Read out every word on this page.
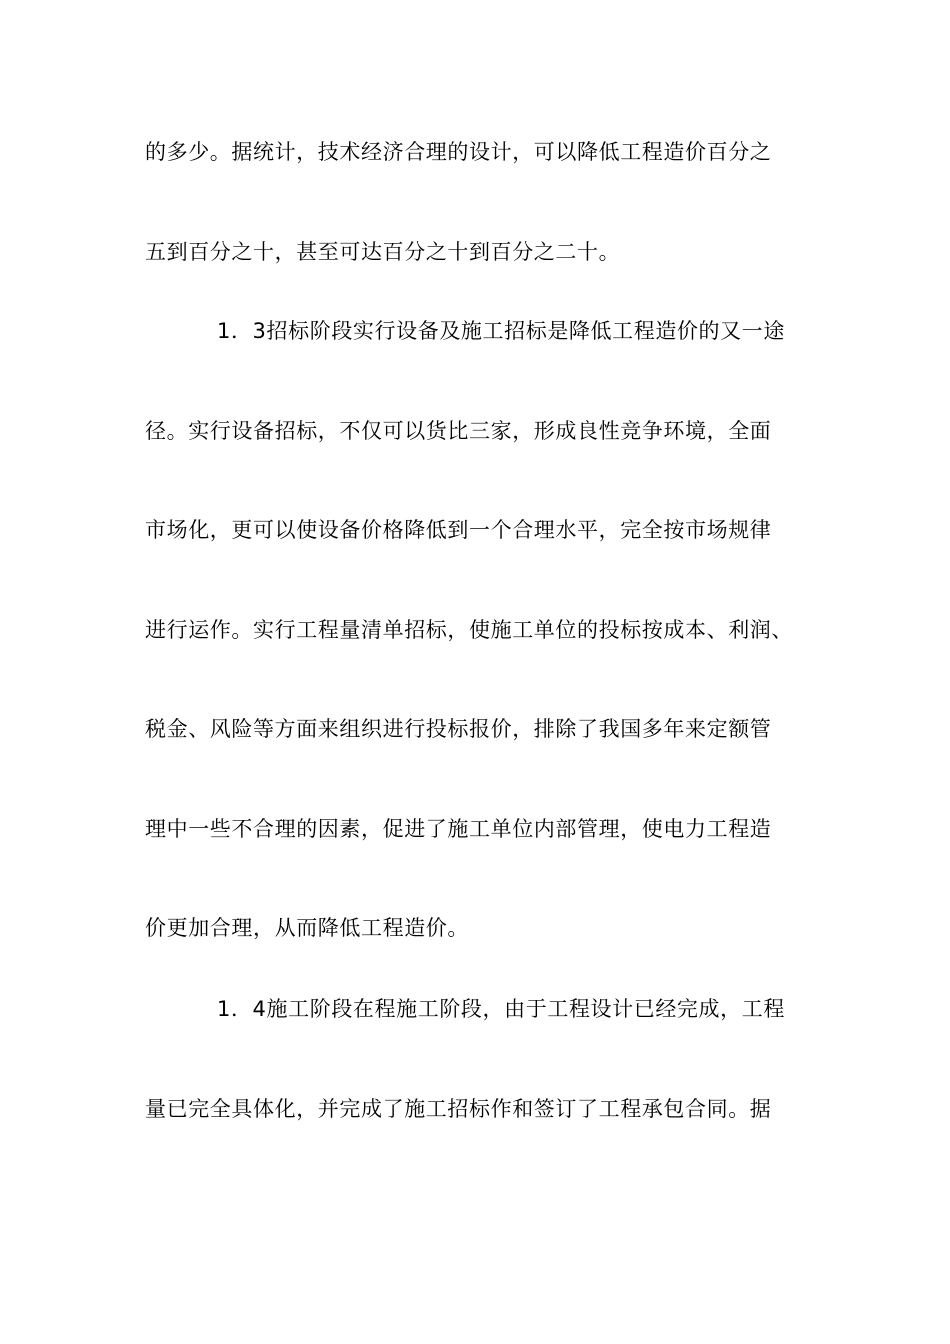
的多少。据统计，技术经济合理的设计，可以降低工程造价百分之
五到百分之十，甚至可达百分之十到百分之二十。
1．3招标阶段实行设备及施工招标是降低工程造价的又一途
径。实行设备招标，不仅可以货比三家，形成良性竞争环境，全面
市场化，更可以使设备价格降低到一个合理水平，完全按市场规律
进行运作。实行工程量清单招标，使施工单位的投标按成本、利润、
税金、风险等方面来组织进行投标报价，排除了我国多年来定额管
理中一些不合理的因素，促进了施工单位内部管理，使电力工程造
价更加合理，从而降低工程造价。
1．4施工阶段在程施工阶段，由于工程设计已经完成，工程
量已完全具体化，并完成了施工招标作和签订了工程承包合同。据
